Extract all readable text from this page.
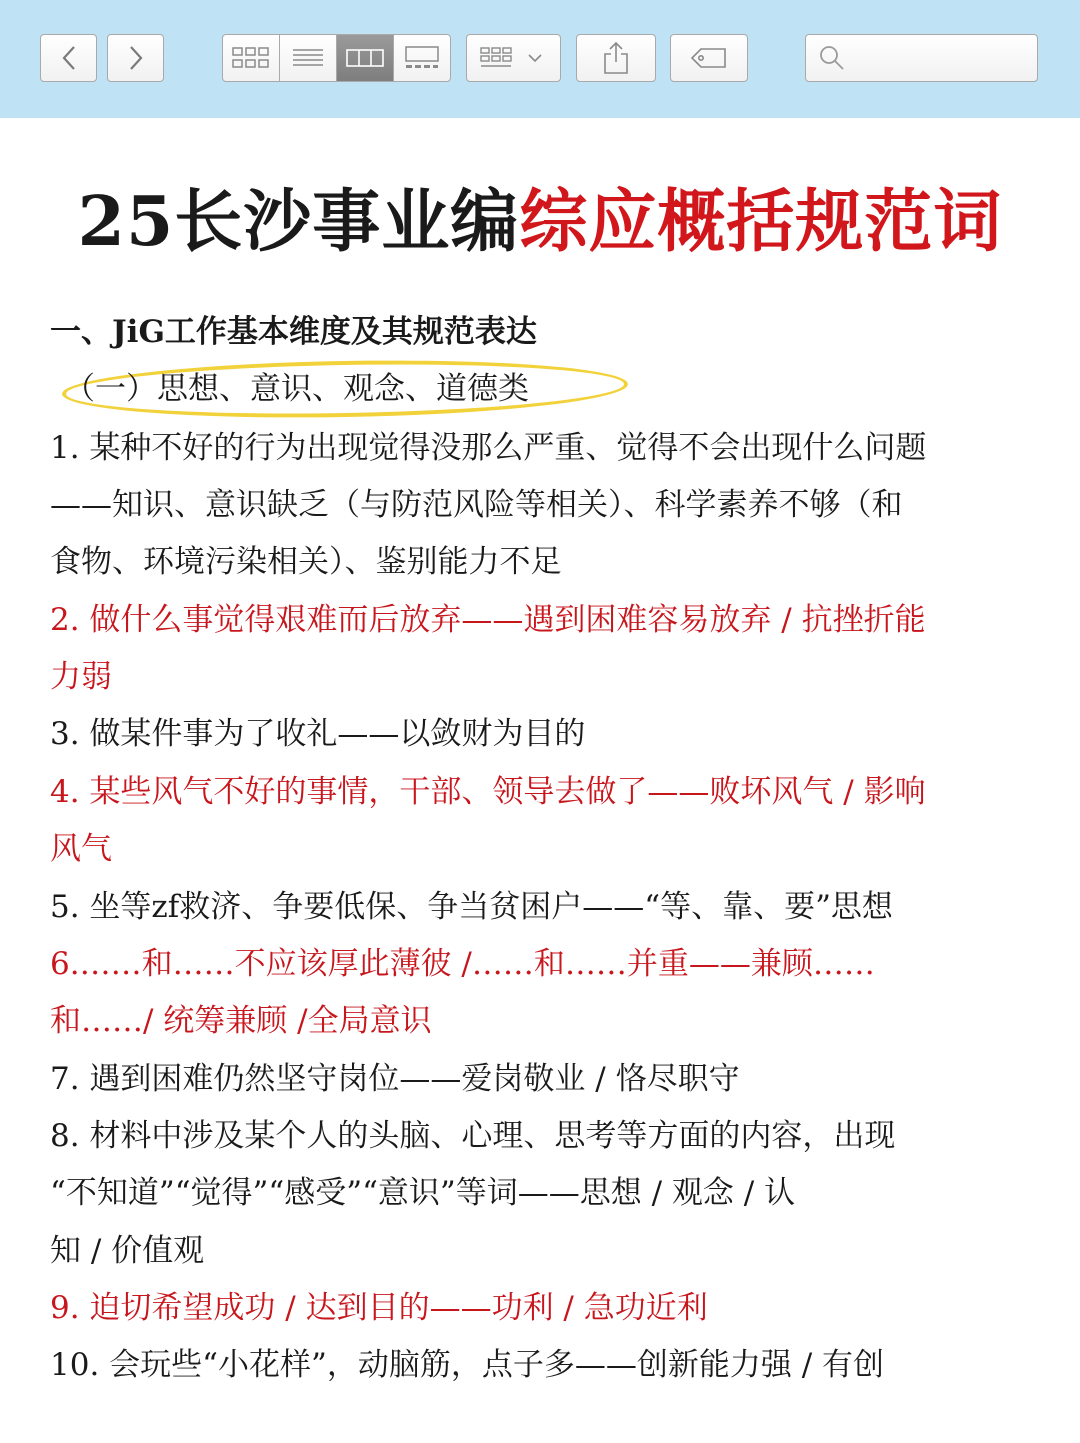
25长沙事业编综应概括规范词
一、JiG工作基本维度及其规范表达
（一）思想、意识、观念、道德类
1. 某种不好的行为出现觉得没那么严重、觉得不会出现什么问题
——知识、意识缺乏（与防范风险等相关）、科学素养不够（和
食物、环境污染相关）、鉴别能力不足
2. 做什么事觉得艰难而后放弃——遇到困难容易放弃 / 抗挫折能
力弱
3. 做某件事为了收礼——以敛财为目的
4. 某些风气不好的事情，干部、领导去做了——败坏风气 / 影响
风气
5. 坐等zf救济、争要低保、争当贫困户——“等、靠、要”思想
6.……和……不应该厚此薄彼 /……和……并重——兼顾……
和……/ 统筹兼顾 /全局意识
7. 遇到困难仍然坚守岗位——爱岗敬业 / 恪尽职守
8. 材料中涉及某个人的头脑、心理、思考等方面的内容，出现
“不知道”“觉得”“感受”“意识”等词——思想 / 观念 / 认
知 / 价值观
9. 迫切希望成功 / 达到目的——功利 / 急功近利
10. 会玩些“小花样”，动脑筋，点子多——创新能力强 / 有创
